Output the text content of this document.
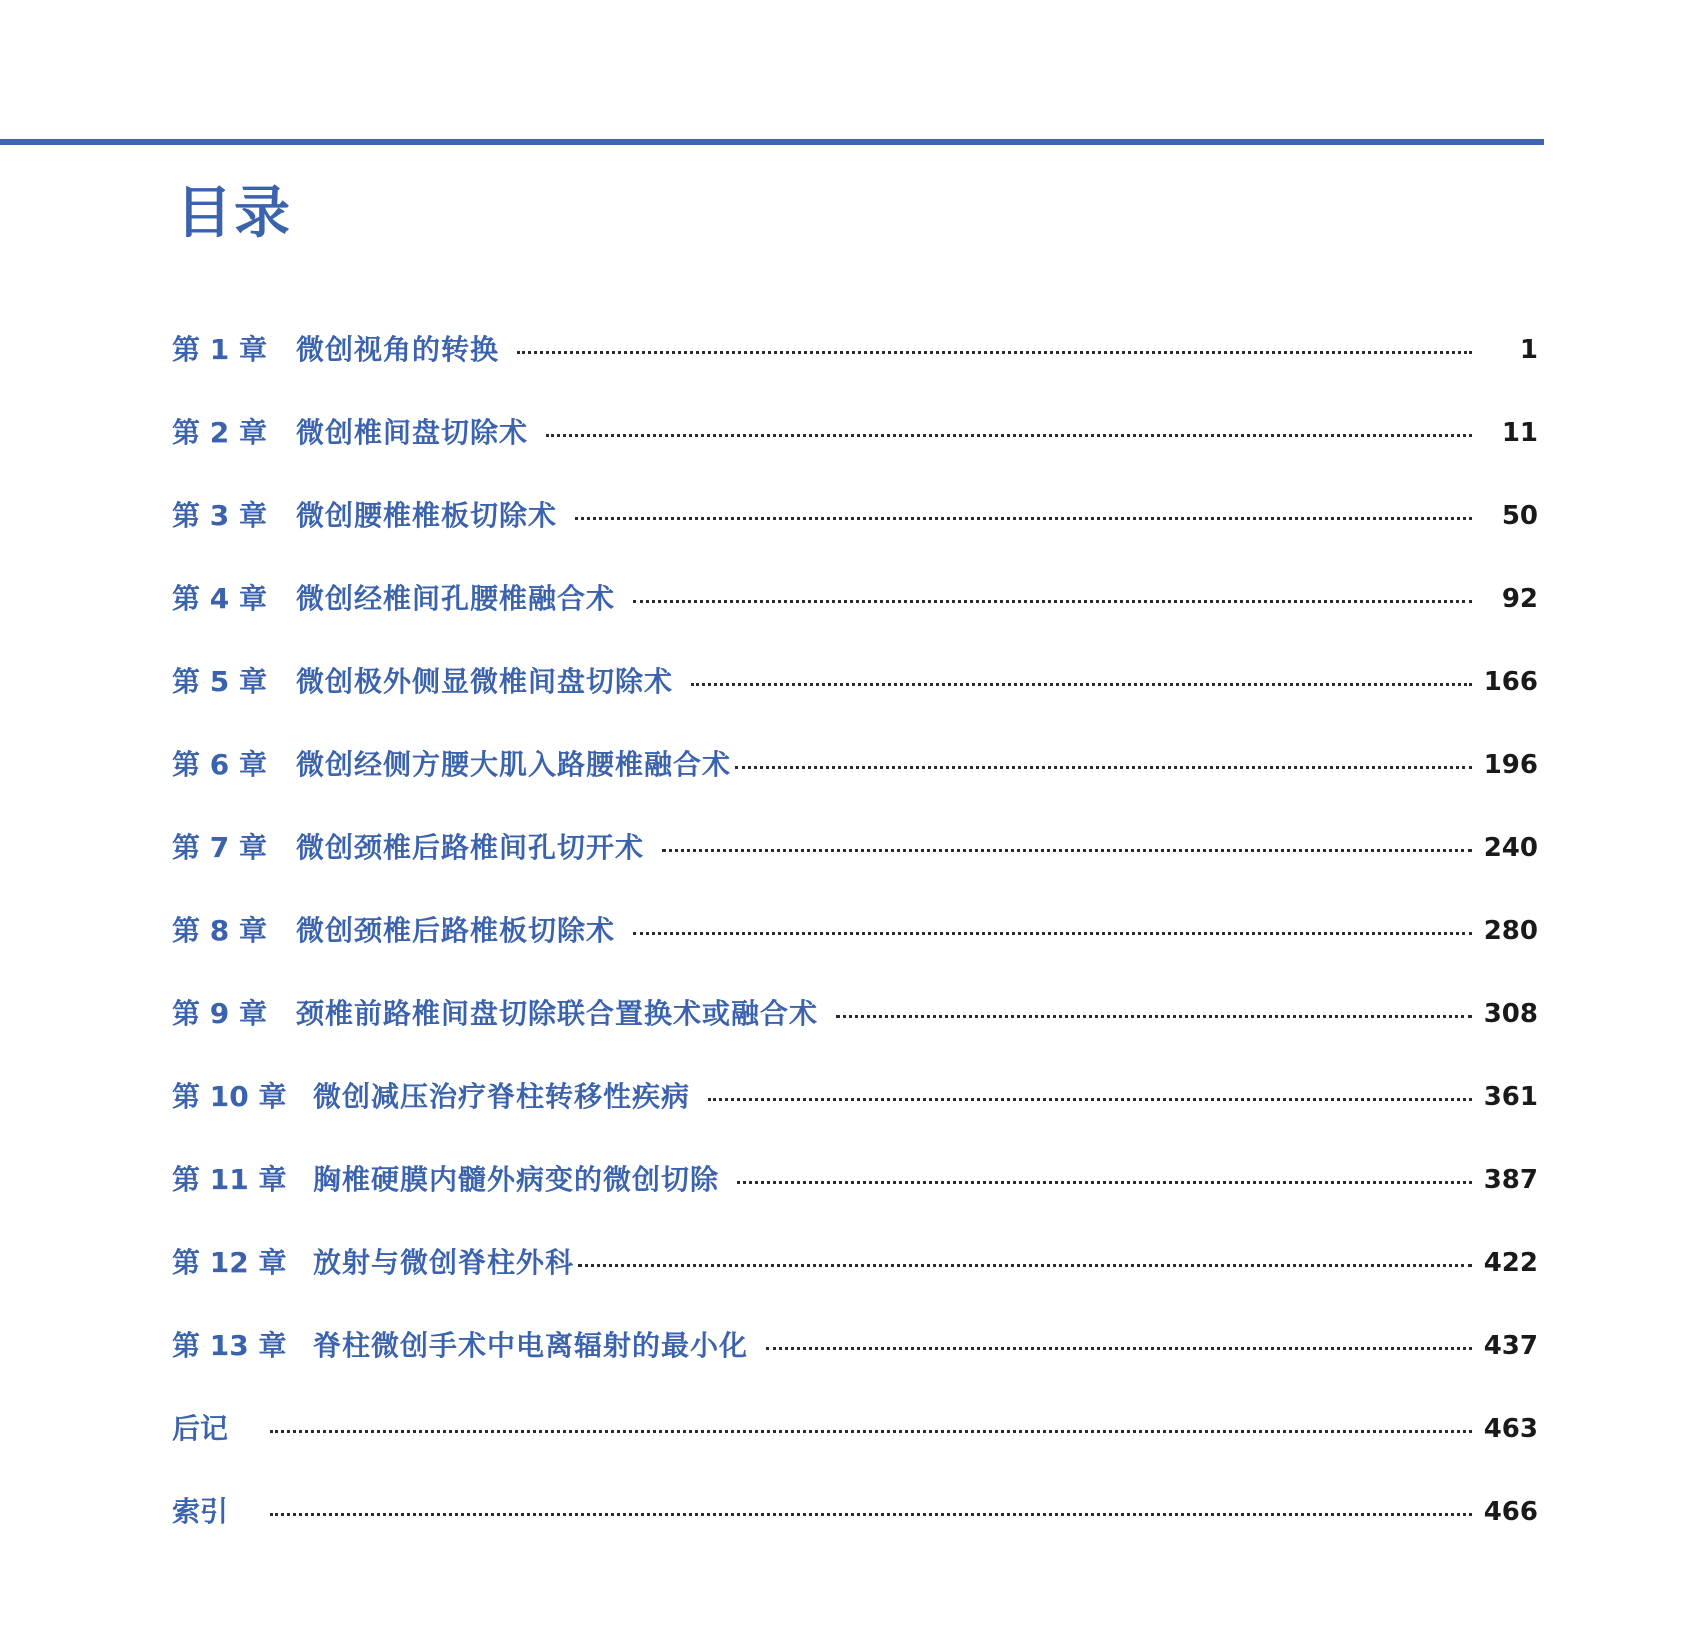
目录
第 1 章	微创视角的转换	1
第 2 章	微创椎间盘切除术	11
第 3 章	微创腰椎椎板切除术	50
第 4 章	微创经椎间孔腰椎融合术	92
第 5 章	微创极外侧显微椎间盘切除术	166
第 6 章	微创经侧方腰大肌入路腰椎融合术	196
第 7 章	微创颈椎后路椎间孔切开术	240
第 8 章	微创颈椎后路椎板切除术	280
第 9 章	颈椎前路椎间盘切除联合置换术或融合术	308
第 10 章 微创减压治疗脊柱转移性疾病	361
第 11 章 胸椎硬膜内髓外病变的微创切除	387
第 12 章 放射与微创脊柱外科	422
第 13 章 脊柱微创手术中电离辐射的最小化	437
后记	463
索引	466
